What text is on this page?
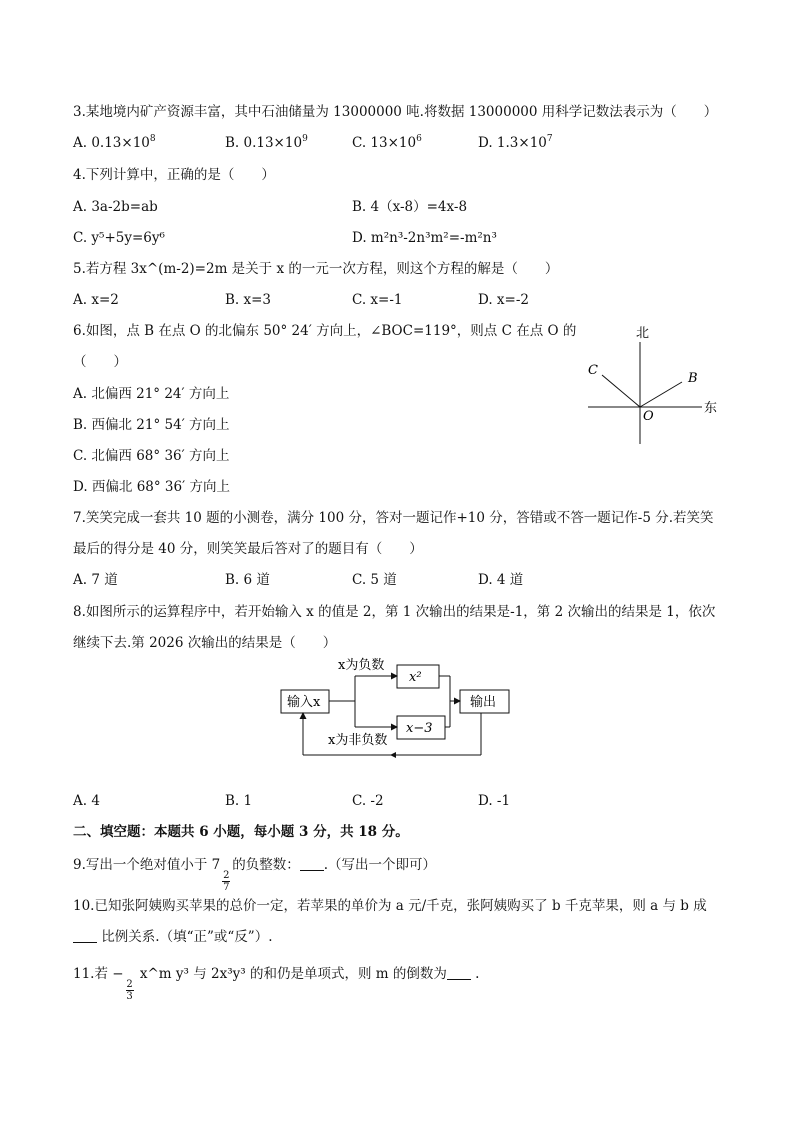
3.某地境内矿产资源丰富，其中石油储量为 13000000 吨.将数据 13000000 用科学记数法表示为（　　）
A. $0.13\times 10^8$	B. $0.13\times 10^9$	C. $13\times 10^6$	D. $1.3\times 10^7$
4.下列计算中，正确的是（　　）
A. 3a-2b=ab	B. 4（x-8）=4x-8
C. y⁵+5y=6y⁶	D. m²n³-2n³m²=-m²n³
5.若方程 3x^(m-2)=2m 是关于 x 的一元一次方程，则这个方程的解是（　　）
A. x=2	B. x=3	C. x=-1	D. x=-2
6.如图，点 B 在点 O 的北偏东 50° 24′ 方向上，∠BOC=119°，则点 C 在点 O 的
（　　）
A. 北偏西 21° 24′ 方向上
B. 西偏北 21° 54′ 方向上
C. 北偏西 68° 36′ 方向上
D. 西偏北 68° 36′ 方向上
北
东
C
B
O
7.笑笑完成一套共 10 题的小测卷，满分 100 分，答对一题记作+10 分，答错或不答一题记作-5 分.若笑笑
最后的得分是 40 分，则笑笑最后答对了的题目有（　　）
A. 7 道	B. 6 道	C. 5 道	D. 4 道
8.如图所示的运算程序中，若开始输入 x 的值是 2，第 1 次输出的结果是-1，第 2 次输出的结果是 1，依次
继续下去.第 2026 次输出的结果是（　　）
输入x
x²
x−3
输出
x为负数
x为非负数
A. 4	B. 1	C. -2	D. -1
二、填空题：本题共 6 小题，每小题 3 分，共 18 分。
9.写出一个绝对值小于 7
$\frac{2}{7}$
的负整数： .（写出一个即可）
10.已知张阿姨购买苹果的总价一定，若苹果的单价为 a 元/千克，张阿姨购买了 b 千克苹果，则 a 与 b 成
比例关系.（填“正”或“反”）.
11.若 −
$\frac{2}{3}$
x^m y³ 与 2x³y³ 的和仍是单项式，则 m 的倒数为 .
